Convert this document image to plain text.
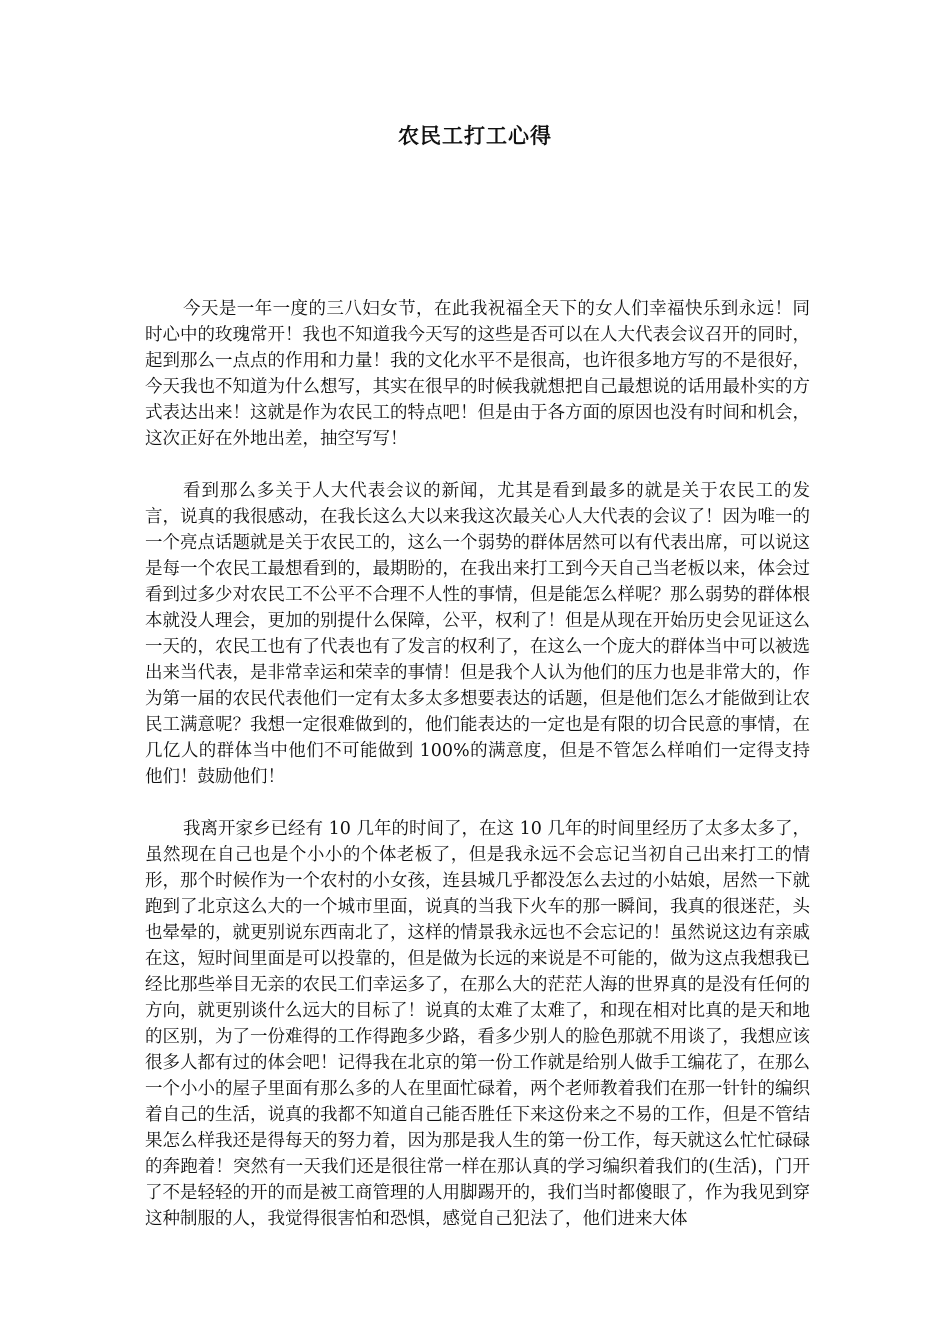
农民工打工心得

今天是一年一度的三八妇女节，在此我祝福全天下的女人们幸福快乐到永远！同时心中的玫瑰常开！我也不知道我今天写的这些是否可以在人大代表会议召开的同时，起到那么一点点的作用和力量！我的文化水平不是很高，也许很多地方写的不是很好，今天我也不知道为什么想写，其实在很早的时候我就想把自己最想说的话用最朴实的方式表达出来！这就是作为农民工的特点吧！但是由于各方面的原因也没有时间和机会，这次正好在外地出差，抽空写写！

看到那么多关于人大代表会议的新闻，尤其是看到最多的就是关于农民工的发言，说真的我很感动，在我长这么大以来我这次最关心人大代表的会议了！因为唯一的一个亮点话题就是关于农民工的，这么一个弱势的群体居然可以有代表出席，可以说这是每一个农民工最想看到的，最期盼的，在我出来打工到今天自己当老板以来，体会过看到过多少对农民工不公平不合理不人性的事情，但是能怎么样呢？那么弱势的群体根本就没人理会，更加的别提什么保障，公平，权利了！但是从现在开始历史会见证这么一天的，农民工也有了代表也有了发言的权利了，在这么一个庞大的群体当中可以被选出来当代表，是非常幸运和荣幸的事情！但是我个人认为他们的压力也是非常大的，作为第一届的农民代表他们一定有太多太多想要表达的话题，但是他们怎么才能做到让农民工满意呢？我想一定很难做到的，他们能表达的一定也是有限的切合民意的事情，在几亿人的群体当中他们不可能做到 100%的满意度，但是不管怎么样咱们一定得支持他们！鼓励他们！

我离开家乡已经有 10 几年的时间了，在这 10 几年的时间里经历了太多太多了，虽然现在自己也是个小小的个体老板了，但是我永远不会忘记当初自己出来打工的情形，那个时候作为一个农村的小女孩，连县城几乎都没怎么去过的小姑娘，居然一下就跑到了北京这么大的一个城市里面，说真的当我下火车的那一瞬间，我真的很迷茫，头也晕晕的，就更别说东西南北了，这样的情景我永远也不会忘记的！虽然说这边有亲戚在这，短时间里面是可以投靠的，但是做为长远的来说是不可能的，做为这点我想我已经比那些举目无亲的农民工们幸运多了，在那么大的茫茫人海的世界真的是没有任何的方向，就更别谈什么远大的目标了！说真的太难了太难了，和现在相对比真的是天和地的区别，为了一份难得的工作得跑多少路，看多少别人的脸色那就不用谈了，我想应该很多人都有过的体会吧！记得我在北京的第一份工作就是给别人做手工编花了，在那么一个小小的屋子里面有那么多的人在里面忙碌着，两个老师教着我们在那一针针的编织着自己的生活，说真的我都不知道自己能否胜任下来这份来之不易的工作，但是不管结果怎么样我还是得每天的努力着，因为那是我人生的第一份工作，每天就这么忙忙碌碌的奔跑着！突然有一天我们还是很往常一样在那认真的学习编织着我们的(生活)，门开了不是轻轻的开的而是被工商管理的人用脚踢开的，我们当时都傻眼了，作为我见到穿这种制服的人，我觉得很害怕和恐惧，感觉自己犯法了，他们进来大体
